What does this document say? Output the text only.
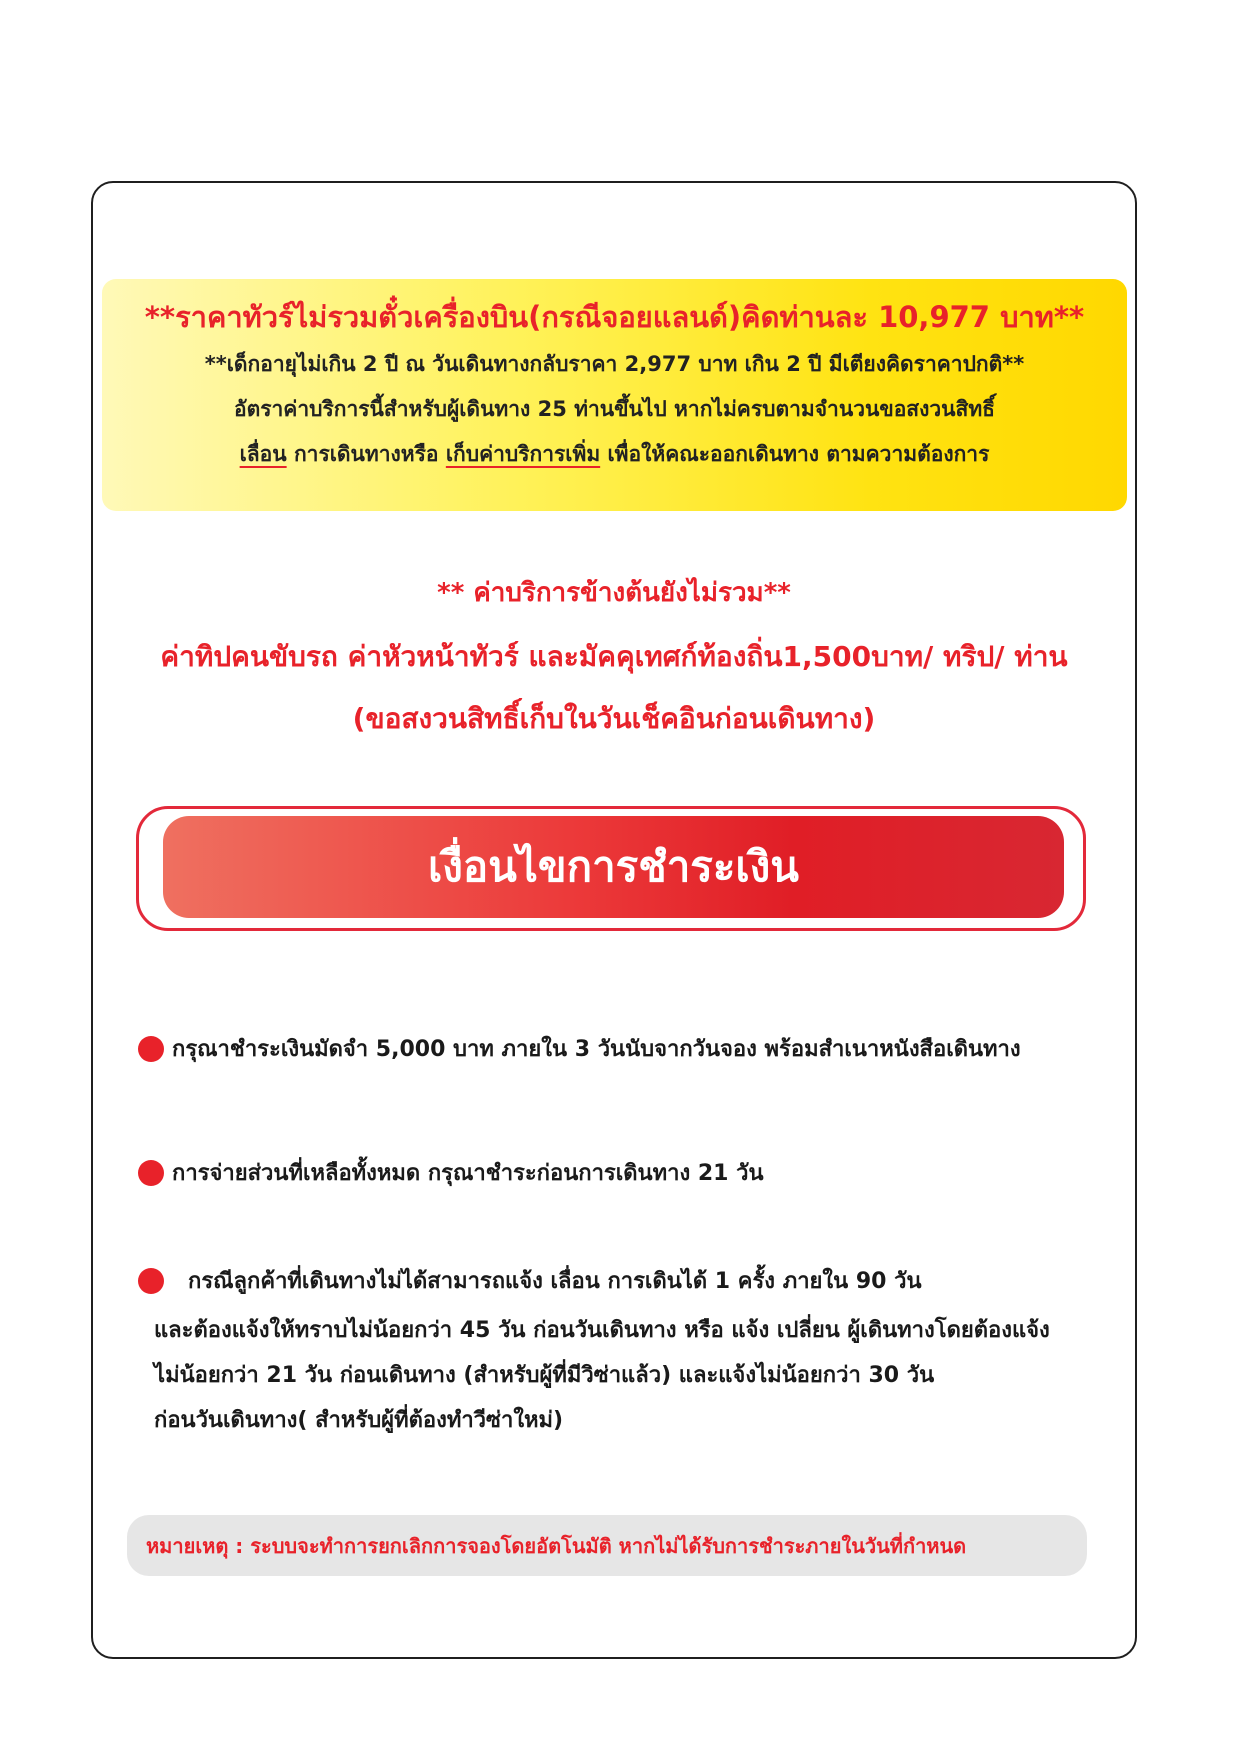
**ราคาทัวร์ไม่รวมตั๋วเครื่องบิน(กรณีจอยแลนด์)คิดท่านละ 10,977 บาท**
**เด็กอายุไม่เกิน 2 ปี ณ วันเดินทางกลับราคา 2,977 บาท เกิน 2 ปี มีเตียงคิดราคาปกติ**
อัตราค่าบริการนี้สำหรับผู้เดินทาง 25 ท่านขึ้นไป หากไม่ครบตามจำนวนขอสงวนสิทธิ์
เลื่อน การเดินทางหรือ เก็บค่าบริการเพิ่ม เพื่อให้คณะออกเดินทาง ตามความต้องการ
** ค่าบริการข้างต้นยังไม่รวม**
ค่าทิปคนขับรถ ค่าหัวหน้าทัวร์ และมัคคุเทศก์ท้องถิ่น1,500บาท/ ทริป/ ท่าน
(ขอสงวนสิทธิ์เก็บในวันเช็คอินก่อนเดินทาง)
เงื่อนไขการชำระเงิน
กรุณาชำระเงินมัดจำ 5,000 บาท ภายใน 3 วันนับจากวันจอง พร้อมสำเนาหนังสือเดินทาง
การจ่ายส่วนที่เหลือทั้งหมด กรุณาชำระก่อนการเดินทาง 21 วัน
กรณีลูกค้าที่เดินทางไม่ได้สามารถแจ้ง เลื่อน การเดินได้ 1 ครั้ง ภายใน 90 วัน
และต้องแจ้งให้ทราบไม่น้อยกว่า 45 วัน ก่อนวันเดินทาง หรือ แจ้ง เปลี่ยน ผู้เดินทางโดยต้องแจ้ง
ไม่น้อยกว่า 21 วัน ก่อนเดินทาง (สำหรับผู้ที่มีวิซ่าแล้ว) และแจ้งไม่น้อยกว่า 30 วัน
ก่อนวันเดินทาง( สำหรับผู้ที่ต้องทำวีซ่าใหม่)
หมายเหตุ : ระบบจะทำการยกเลิกการจองโดยอัตโนมัติ หากไม่ได้รับการชำระภายในวันที่กำหนด
